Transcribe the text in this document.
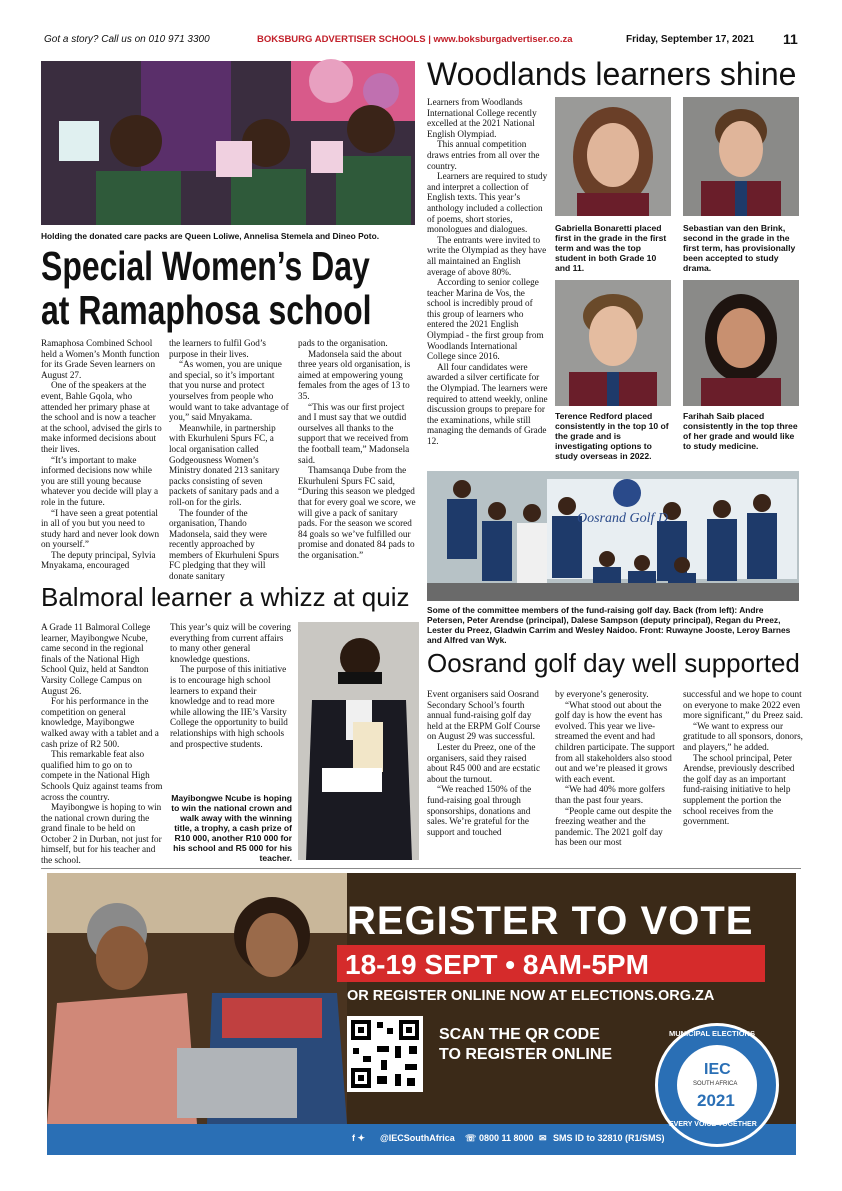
Got a story? Call us on 010 971 3300	BOKSBURG ADVERTISER SCHOOLS | www.boksburgadvertiser.co.za	Friday, September 17, 2021 11
Holding the donated care packs are Queen Loliwe, Annelisa Stemela and Dineo Poto.
Special Women’s Day
at Ramaphosa school

Ramaphosa Combined School held a Women’s Month function for its Grade Seven learners on August 27.

One of the speakers at the event, Bahle Gqola, who attended her primary phase at the school and is now a teacher at the school, advised the girls to make informed decisions about their lives.

“It’s important to make informed decisions now while you are still young because whatever you decide will play a role in the future.

“I have seen a great potential in all of you but you need to study hard and never look down on yourself.”

The deputy principal, Sylvia Mnyakama, encouraged

the learners to fulfil God’s purpose in their lives.

“As women, you are unique and special, so it’s important that you nurse and protect yourselves from people who would want to take advantage of you,” said Mnyakama.

Meanwhile, in partnership with Ekurhuleni Spurs FC, a local organisation called Godgeousness Women’s Ministry donated 213 sanitary packs consisting of seven packets of sanitary pads and a roll-on for the girls.

The founder of the organisation, Thando Madonsela, said they were recently approached by members of Ekurhuleni Spurs FC pledging that they will donate sanitary

pads to the organisation.

Madonsela said the about three years old organisation, is aimed at empowering young females from the ages of 13 to 35.

“This was our first project and I must say that we outdid ourselves all thanks to the support that we received from the football team,” Madonsela said.

Thamsanqa Dube from the Ekurhuleni Spurs FC said, “During this season we pledged that for every goal we score, we will give a pack of sanitary pads. For the season we scored 84 goals so we’ve fulfilled our promise and donated 84 pads to the organisation.”

Woodlands learners shine

Learners from Woodlands International College recently excelled at the 2021 National English Olympiad.

This annual competition draws entries from all over the country.

Learners are required to study and interpret a collection of English texts. This year’s anthology included a collection of poems, short stories, monologues and dialogues.

The entrants were invited to write the Olympiad as they have all maintained an English average of above 80%.

According to senior college teacher Marina de Vos, the school is incredibly proud of this group of learners who entered the 2021 English Olympiad - the first group from Woodlands International College since 2016.

All four candidates were awarded a silver certificate for the Olympiad. The learners were required to attend weekly, online discussion groups to prepare for the examinations, while still managing the demands of Grade 12.

Gabriella Bonaretti placed first in the grade in the first term and was the top student in both Grade 10 and 11.
Sebastian van den Brink, second in the grade in the first term, has provisionally been accepted to study drama.
Terence Redford placed consistently in the top 10 of the grade and is investigating options to study overseas in 2022.
Farihah Saib placed consistently in the top three of her grade and would like to study medicine.
Oosrand Golf D
Some of the committee members of the fund-raising golf day. Back (from left): Andre Petersen, Peter Arendse (principal), Dalese Sampson (deputy principal), Regan du Preez, Lester du Preez, Gladwin Carrim and Wesley Naidoo. Front: Ruwayne Jooste, Leroy Barnes and Alfred van Wyk.
Balmoral learner a whizz at quiz

A Grade 11 Balmoral College learner, Mayibongwe Ncube, came second in the regional finals of the National High School Quiz, held at Sandton Varsity College Campus on August 26.

For his performance in the competition on general knowledge, Mayibongwe walked away with a tablet and a cash prize of R2 500.

This remarkable feat also qualified him to go on to compete in the National High Schools Quiz against teams from across the country.

Mayibongwe is hoping to win the national crown during the grand finale to be held on October 2 in Durban, not just for himself, but for his teacher and the school.

This year’s quiz will be covering everything from current affairs to many other general knowledge questions.

The purpose of this initiative is to encourage high school learners to expand their knowledge and to read more while allowing the IIE’s Varsity College the opportunity to build relationships with high schools and prospective students.

Mayibongwe Ncube is hoping to win the national crown and walk away with the winning title, a trophy, a cash prize of R10 000, another R10 000 for his school and R5 000 for his teacher.
Oosrand golf day well supported

Event organisers said Oosrand Secondary School’s fourth annual fund-raising golf day held at the ERPM Golf Course on August 29 was successful.

Lester du Preez, one of the organisers, said they raised about R45 000 and are ecstatic about the turnout.

“We reached 150% of the fund-raising goal through sponsorships, donations and sales. We’re grateful for the support and touched

by everyone’s generosity.

“What stood out about the golf day is how the event has evolved. This year we live-streamed the event and had children participate. The support from all stakeholders also stood out and we’re pleased it grows with each event.

“We had 40% more golfers than the past four years.

“People came out despite the freezing weather and the pandemic. The 2021 golf day has been our most

successful and we hope to count on everyone to make 2022 even more significant,” du Preez said.

“We want to express our gratitude to all sponsors, donors, and players,” he added.

The school principal, Peter Arendse, previously described the golf day as an important fund-raising initiative to help supplement the portion the school receives from the government.

REGISTER TO VOTE
18-19 SEPT • 8AM-5PM
OR REGISTER ONLINE NOW AT ELECTIONS.ORG.ZA
SCAN THE QR CODE
TO REGISTER ONLINE
f ✦ @IECSouthAfrica ☏ 0800 11 8000 ✉ SMS ID to 32810 (R1/SMS)
MUNICIPAL ELECTIONS
IEC
SOUTH AFRICA
2021
EVERY VOICE TOGETHER
